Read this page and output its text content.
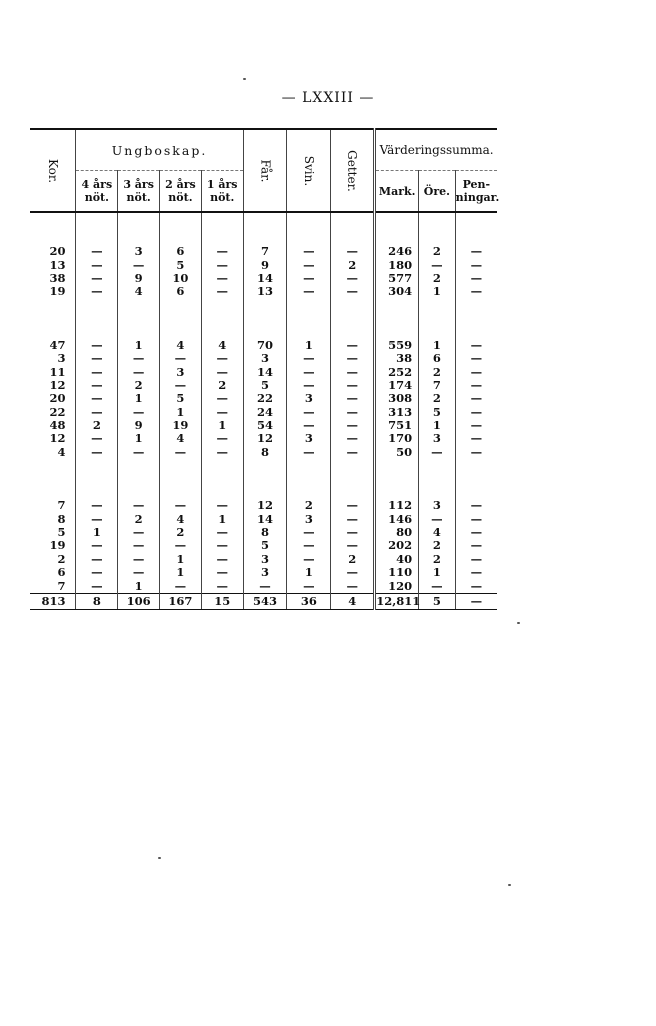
— LXXIII —
Kor.	Ungboskap.				Får.	Svin.	Getter.	Värderingssumma.		

	4 års
nöt.	3 års
nöt.	2 års
nöt.	1 års
nöt.				Mark.	Öre.	Pen-
ningar.

20	—	3	6	—	7	—	—	246	2	—
13	—	—	5	—	9	—	2	180	—	—
38	—	9	10	—	14	—	—	577	2	—
19	—	4	6	—	13	—	—	304	1	—

47	—	1	4	4	70	1	—	559	1	—
3	—	—	—	—	3	—	—	38	6	—
11	—	—	3	—	14	—	—	252	2	—
12	—	2	—	2	5	—	—	174	7	—
20	—	1	5	—	22	3	—	308	2	—
22	—	—	1	—	24	—	—	313	5	—
48	2	9	19	1	54	—	—	751	1	—
12	—	1	4	—	12	3	—	170	3	—
4	—	—	—	—	8	—	—	50	—	—

7	—	—	—	—	12	2	—	112	3	—
8	—	2	4	1	14	3	—	146	—	—
5	1	—	2	—	8	—	—	80	4	—
19	—	—	—	—	5	—	—	202	2	—
2	—	—	1	—	3	—	2	40	2	—
6	—	—	1	—	3	1	—	110	1	—
7	—	1	—	—	—	—	—	120	—	—
813	8	106	167	15	543	36	4	12,811	5	—
